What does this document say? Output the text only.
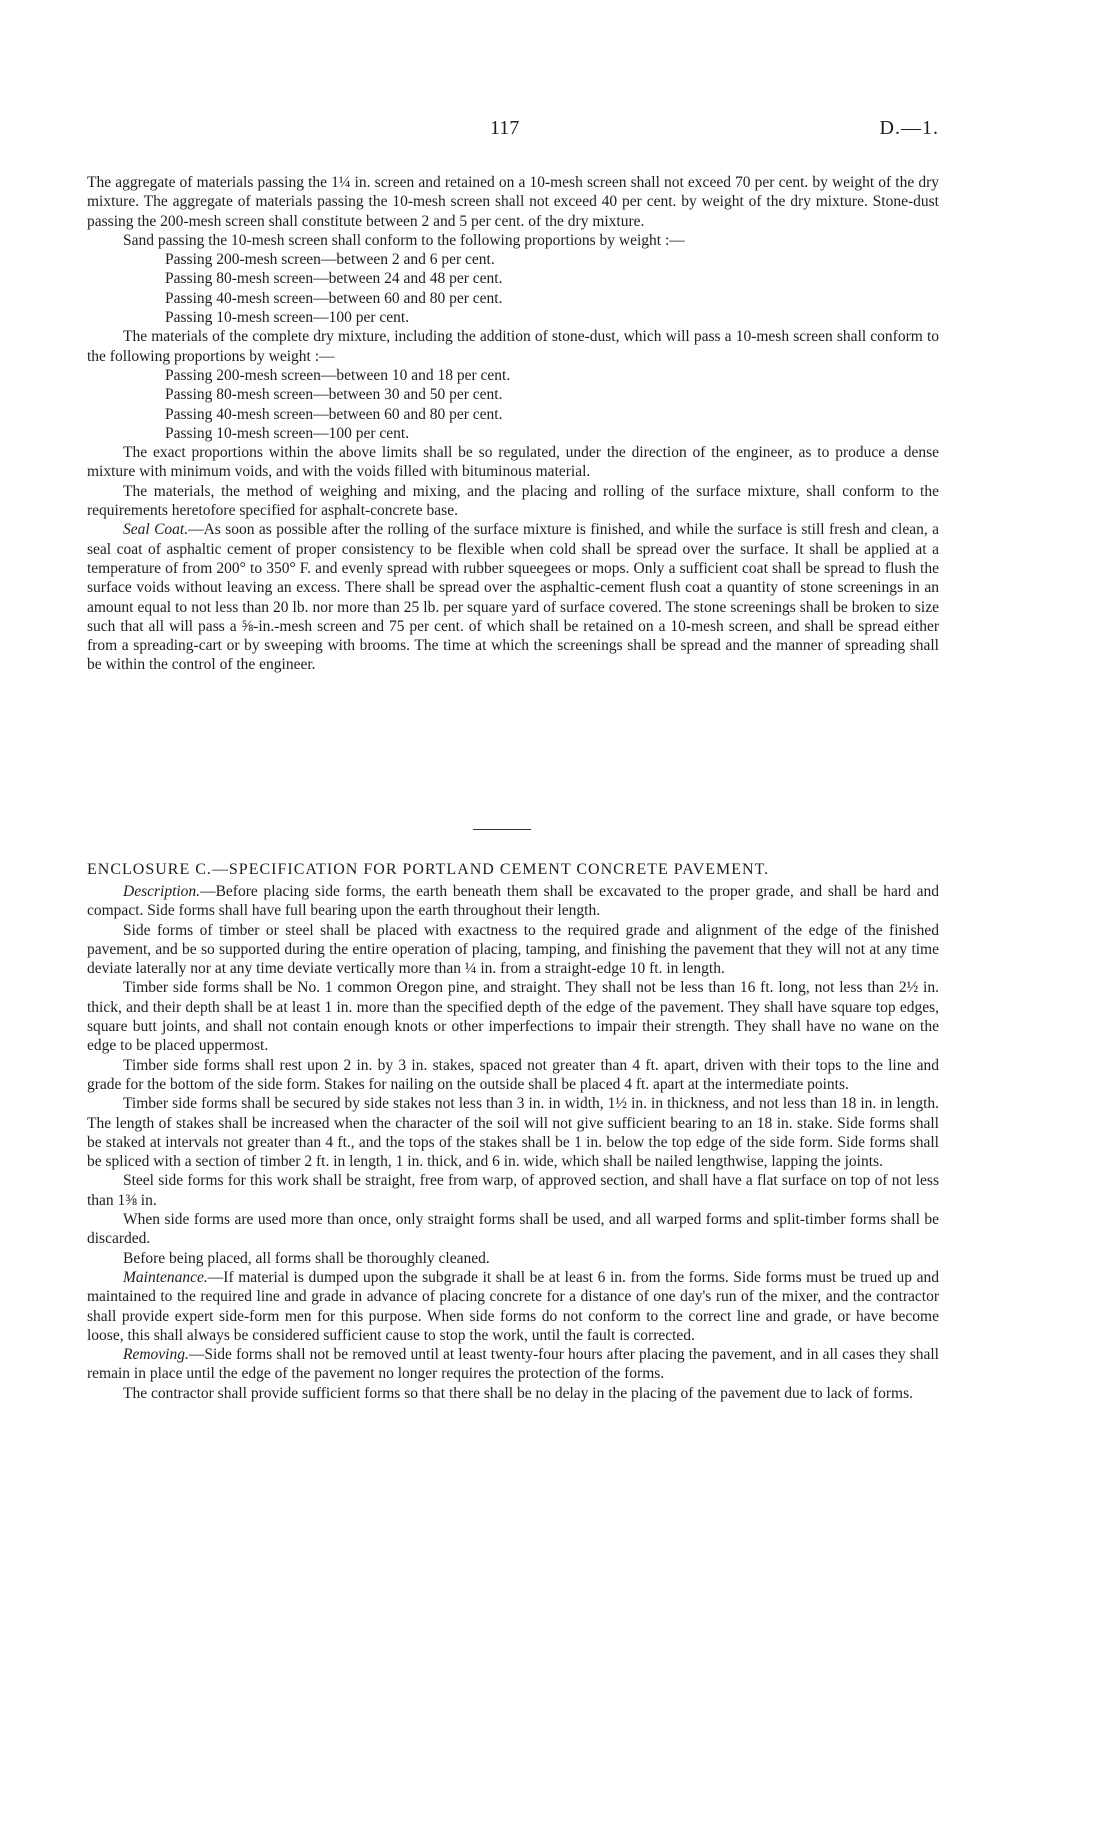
117	D.—1.

The aggregate of materials passing the 1¼ in. screen and retained on a 10-mesh screen shall not exceed 70 per cent. by weight of the dry mixture. The aggregate of materials passing the 10-mesh screen shall not exceed 40 per cent. by weight of the dry mixture. Stone-dust passing the 200-mesh screen shall constitute between 2 and 5 per cent. of the dry mixture.

Sand passing the 10-mesh screen shall conform to the following proportions by weight :—

Passing 200-mesh screen—between 2 and 6 per cent.

Passing 80-mesh screen—between 24 and 48 per cent.

Passing 40-mesh screen—between 60 and 80 per cent.

Passing 10-mesh screen—100 per cent.

The materials of the complete dry mixture, including the addition of stone-dust, which will pass a 10-mesh screen shall conform to the following proportions by weight :—

Passing 200-mesh screen—between 10 and 18 per cent.

Passing 80-mesh screen—between 30 and 50 per cent.

Passing 40-mesh screen—between 60 and 80 per cent.

Passing 10-mesh screen—100 per cent.

The exact proportions within the above limits shall be so regulated, under the direction of the engineer, as to produce a dense mixture with minimum voids, and with the voids filled with bituminous material.

The materials, the method of weighing and mixing, and the placing and rolling of the surface mixture, shall conform to the requirements heretofore specified for asphalt-concrete base.

Seal Coat.—As soon as possible after the rolling of the surface mixture is finished, and while the surface is still fresh and clean, a seal coat of asphaltic cement of proper consistency to be flexible when cold shall be spread over the surface. It shall be applied at a temperature of from 200° to 350° F. and evenly spread with rubber squeegees or mops. Only a sufficient coat shall be spread to flush the surface voids without leaving an excess. There shall be spread over the asphaltic-cement flush coat a quantity of stone screenings in an amount equal to not less than 20 lb. nor more than 25 lb. per square yard of surface covered. The stone screenings shall be broken to size such that all will pass a ⅝-in.-mesh screen and 75 per cent. of which shall be retained on a 10-mesh screen, and shall be spread either from a spreading-cart or by sweeping with brooms. The time at which the screenings shall be spread and the manner of spreading shall be within the control of the engineer.

ENCLOSURE C.—SPECIFICATION FOR PORTLAND CEMENT CONCRETE PAVEMENT.

Description.—Before placing side forms, the earth beneath them shall be excavated to the proper grade, and shall be hard and compact. Side forms shall have full bearing upon the earth throughout their length.

Side forms of timber or steel shall be placed with exactness to the required grade and alignment of the edge of the finished pavement, and be so supported during the entire operation of placing, tamping, and finishing the pavement that they will not at any time deviate laterally nor at any time deviate vertically more than ¼ in. from a straight-edge 10 ft. in length.

Timber side forms shall be No. 1 common Oregon pine, and straight. They shall not be less than 16 ft. long, not less than 2½ in. thick, and their depth shall be at least 1 in. more than the specified depth of the edge of the pavement. They shall have square top edges, square butt joints, and shall not contain enough knots or other imperfections to impair their strength. They shall have no wane on the edge to be placed uppermost.

Timber side forms shall rest upon 2 in. by 3 in. stakes, spaced not greater than 4 ft. apart, driven with their tops to the line and grade for the bottom of the side form. Stakes for nailing on the outside shall be placed 4 ft. apart at the intermediate points.

Timber side forms shall be secured by side stakes not less than 3 in. in width, 1½ in. in thickness, and not less than 18 in. in length. The length of stakes shall be increased when the character of the soil will not give sufficient bearing to an 18 in. stake. Side forms shall be staked at intervals not greater than 4 ft., and the tops of the stakes shall be 1 in. below the top edge of the side form. Side forms shall be spliced with a section of timber 2 ft. in length, 1 in. thick, and 6 in. wide, which shall be nailed lengthwise, lapping the joints.

Steel side forms for this work shall be straight, free from warp, of approved section, and shall have a flat surface on top of not less than 1⅜ in.

When side forms are used more than once, only straight forms shall be used, and all warped forms and split-timber forms shall be discarded.

Before being placed, all forms shall be thoroughly cleaned.

Maintenance.—If material is dumped upon the subgrade it shall be at least 6 in. from the forms. Side forms must be trued up and maintained to the required line and grade in advance of placing concrete for a distance of one day's run of the mixer, and the contractor shall provide expert side-form men for this purpose. When side forms do not conform to the correct line and grade, or have become loose, this shall always be considered sufficient cause to stop the work, until the fault is corrected.

Removing.—Side forms shall not be removed until at least twenty-four hours after placing the pavement, and in all cases they shall remain in place until the edge of the pavement no longer requires the protection of the forms.

The contractor shall provide sufficient forms so that there shall be no delay in the placing of the pavement due to lack of forms.
